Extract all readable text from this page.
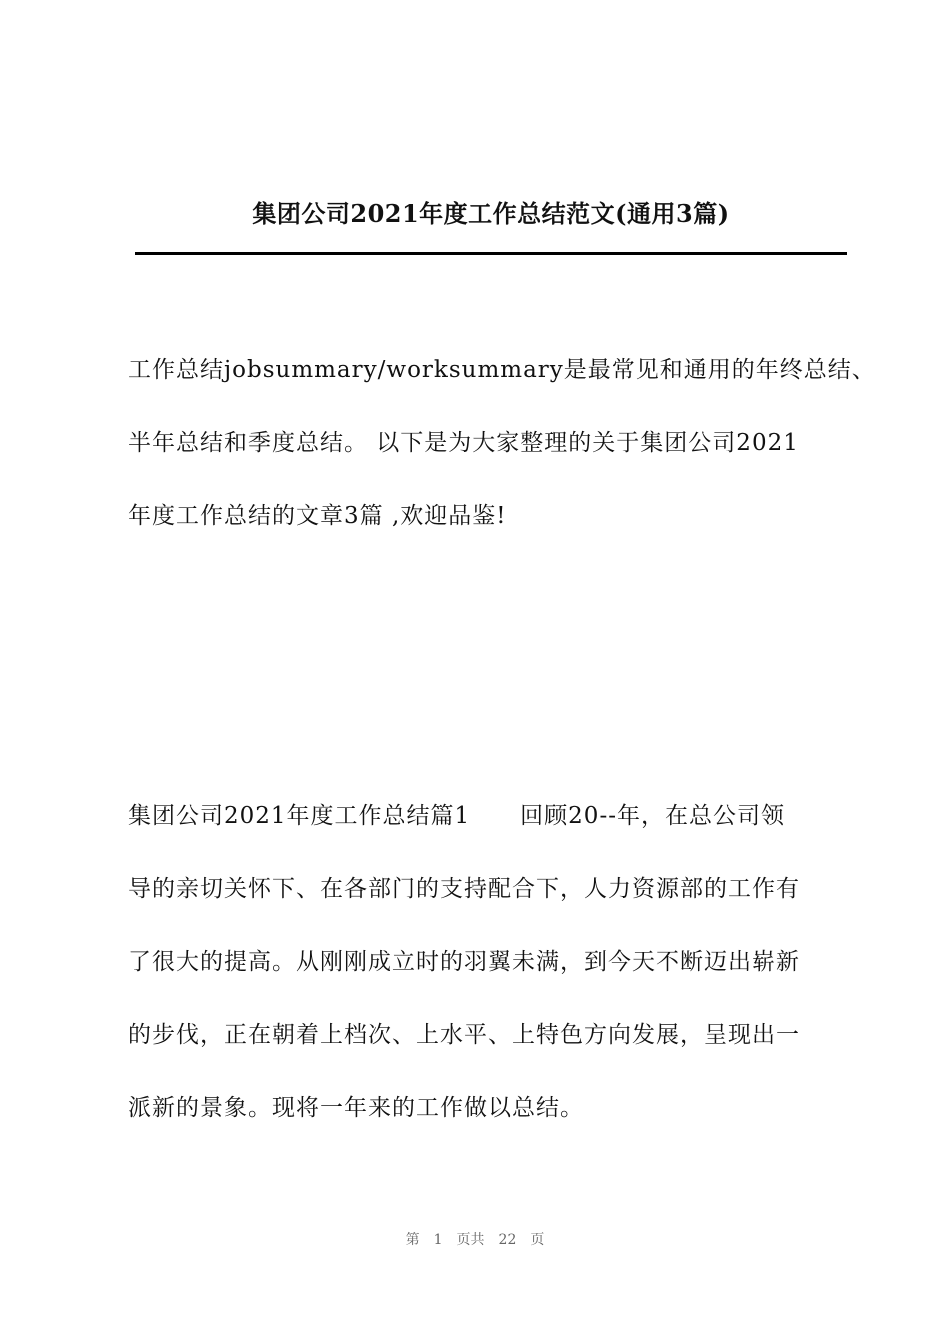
集团公司2021年度工作总结范文(通用3篇)
工作总结jobsummary/worksummary是最常见和通用的年终总结、
半年总结和季度总结。 以下是为大家整理的关于集团公司2021
年度工作总结的文章3篇 ,欢迎品鉴!
集团公司2021年度工作总结篇1 回顾20--年，在总公司领
导的亲切关怀下、在各部门的支持配合下，人力资源部的工作有
了很大的提高。从刚刚成立时的羽翼未满，到今天不断迈出崭新
的步伐，正在朝着上档次、上水平、上特色方向发展，呈现出一
派新的景象。现将一年来的工作做以总结。
第 1 页共 22 页
